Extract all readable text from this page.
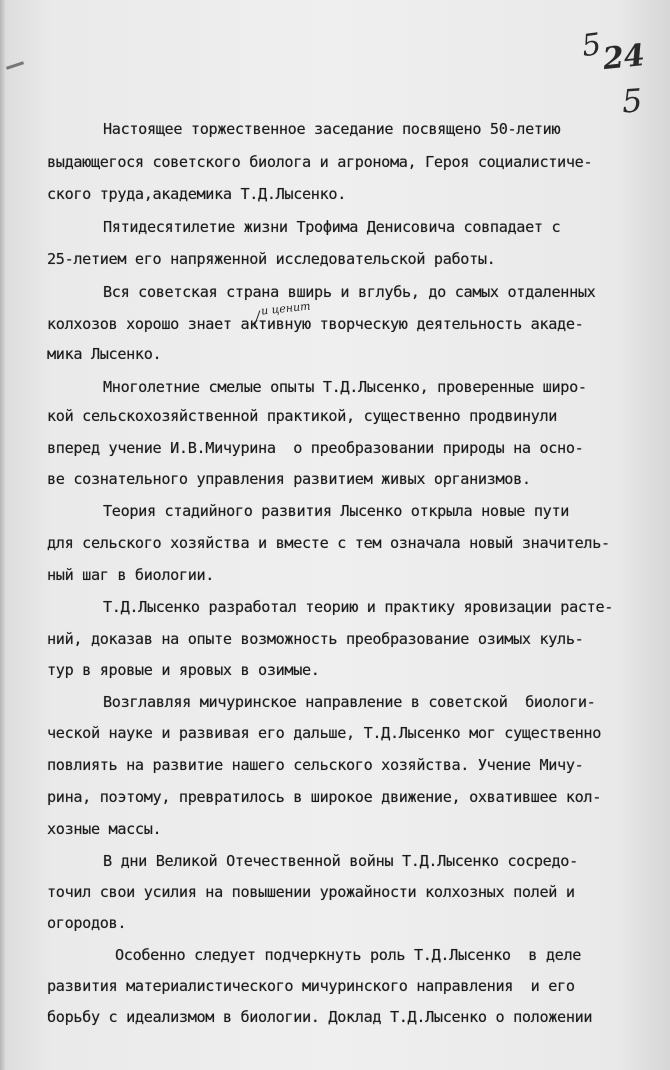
5
24
5

Настоящее торжественное заседание посвящено 50-летию

выдающегося советского биолога и агронома, Героя социалистиче-

ского труда,академика Т.Д.Лысенко.

Пятидесятилетие жизни Трофима Денисовича совпадает с

25-летием его напряженной исследовательской работы.

Вся советская страна вширь и вглубь, до самых отдаленных

колхозов хорошо знает активную творческую деятельность акаде-

мика Лысенко.

Многолетние смелые опыты Т.Д.Лысенко, проверенные широ-

кой сельскохозяйственной практикой, существенно продвинули

вперед учение И.В.Мичурина  о преобразовании природы на осно-

ве сознательного управления развитием живых организмов.

Теория стадийного развития Лысенко открыла новые пути

для сельского хозяйства и вместе с тем означала новый значитель-

ный шаг в биологии.

Т.Д.Лысенко разработал теорию и практику яровизации расте-

ний, доказав на опыте возможность преобразование озимых куль-

тур в яровые и яровых в озимые.

Возглавляя мичуринское направление в советской  биологи-

ческой науке и развивая его дальше, Т.Д.Лысенко мог существенно

повлиять на развитие нашего сельского хозяйства. Учение Мичу-

рина, поэтому, превратилось в широкое движение, охватившее кол-

хозные массы.

В дни Великой Отечественной войны Т.Д.Лысенко сосредо-

точил свои усилия на повышении урожайности колхозных полей и

огородов.

Особенно следует подчеркнуть роль Т.Д.Лысенко  в деле

развития материалистического мичуринского направления  и его

борьбу с идеализмом в биологии. Доклад Т.Д.Лысенко о положении

и ценит
